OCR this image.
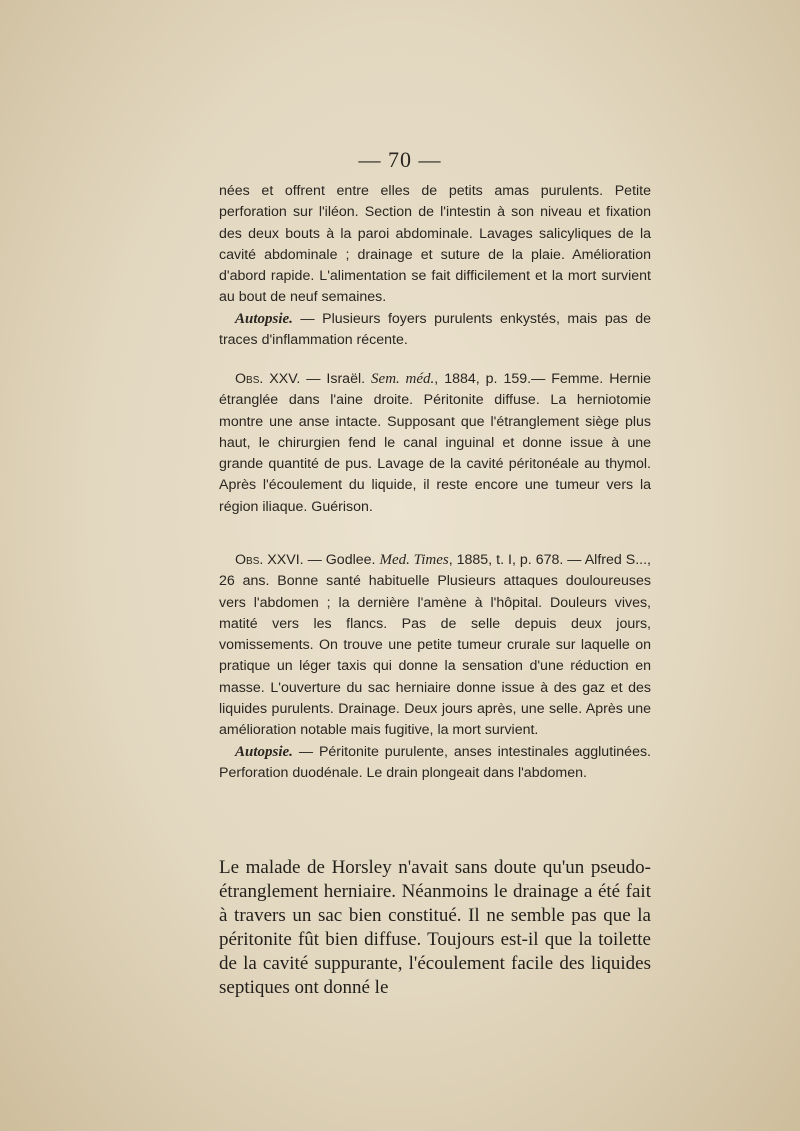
— 70 —

nées et offrent entre elles de petits amas purulents. Petite perforation sur l'iléon. Section de l'intestin à son niveau et fixation des deux bouts à la paroi abdominale. Lavages salicyliques de la cavité abdominale ; drainage et suture de la plaie. Amélioration d'abord rapide. L'alimentation se fait difficilement et la mort survient au bout de neuf semaines.

Autopsie. — Plusieurs foyers purulents enkystés, mais pas de traces d'inflammation récente.

Obs. XXV. — Israël. Sem. méd., 1884, p. 159.— Femme. Hernie étranglée dans l'aine droite. Péritonite diffuse. La herniotomie montre une anse intacte. Supposant que l'étranglement siège plus haut, le chirurgien fend le canal inguinal et donne issue à une grande quantité de pus. Lavage de la cavité péritonéale au thymol. Après l'écoulement du liquide, il reste encore une tumeur vers la région iliaque. Guérison.

Obs. XXVI. — Godlee. Med. Times, 1885, t. I, p. 678. — Alfred S..., 26 ans. Bonne santé habituelle Plusieurs attaques douloureuses vers l'abdomen ; la dernière l'amène à l'hôpital. Douleurs vives, matité vers les flancs. Pas de selle depuis deux jours, vomissements. On trouve une petite tumeur crurale sur laquelle on pratique un léger taxis qui donne la sensation d'une réduction en masse. L'ouverture du sac herniaire donne issue à des gaz et des liquides purulents. Drainage. Deux jours après, une selle. Après une amélioration notable mais fugitive, la mort survient.

Autopsie. — Péritonite purulente, anses intestinales agglutinées. Perforation duodénale. Le drain plongeait dans l'abdomen.

Le malade de Horsley n'avait sans doute qu'un pseudo-étranglement herniaire. Néanmoins le drainage a été fait à travers un sac bien constitué. Il ne semble pas que la péritonite fût bien diffuse. Toujours est-il que la toilette de la cavité suppurante, l'écoulement facile des liquides septiques ont donné le
